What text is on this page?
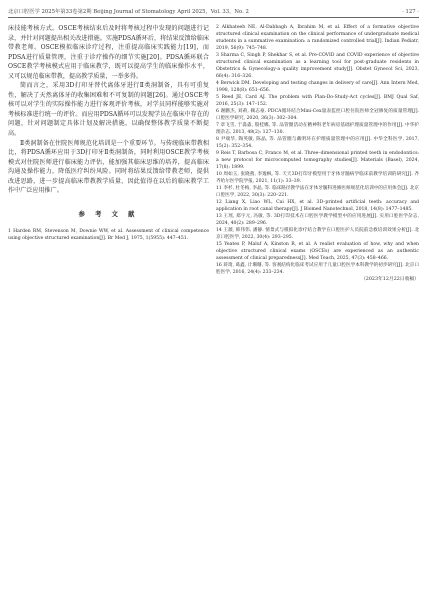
北京口腔医学 2025年第33卷第2期 Beijing Journal of Stomatology April 2025，Vol. 33，No. 2	· 127 ·

床技能考核方式。OSCE考核结束后及时将考核过程中发现的问题进行记录，并针对问题提出相关改进措施。实施PDSA循环后，将结果反馈给临床带教老师。OSCE模拟临床诊疗过程，注重提高临床实践能力[19]，而PDSA进行质量管理，注重于诊疗操作的细节实施[20]。PDSA循环联合OSCE教学考核模式应用于临床教学，既可以提高学生的临床操作水平，又可以规范临床带教，提高教学质量，一举多得。

简而言之，采用3D打印牙替代离体牙进行Ⅱ类洞制备，具有可重复性，解决了天然离体牙的收集困难和不可复制的问题[26]。通过OSCE考核可以对学生的实际操作能力进行客观评价考核，对学员同样能够实施对考核标准进行统一的评价。而应用PDSA循环可以发现学员在临床中存在的问题，针对问题制定具体计划及解决措施，以确保整体教学质量不断提高。

Ⅱ类洞制备在住院医师规范化培训是一个重要环节。与传统临床带教相比，将PDSA循环应用于3D打印牙Ⅱ类洞制备，同时利用OSCE教学考核模式对住院医师进行临床能力评估，能加强其临床思维的培养，提高临床沟通及操作能力，降低医疗纠纷风险。同时将结果反馈给带教老师，提供改进思路，进一步提高临床带教教学质量，因此值得在以后的临床教学工作中广泛应用推广。

参 考 文 献

1 Harden RM, Stevenson M, Downie WW, et al. Assessment of clinical competence using objective structured examination[J]. Br Med J, 1975, 1(5955): 447–451.

2 Alkhateeb NE, Al-Dabbagh A, Ibrahim M, et al. Effect of a formative objective structured clinical examination on the clinical performance of undergraduate medical students in a summative examination: a randomized controlled trial[J]. Indian Pediatr, 2019, 56(9): 745–748.

3 Sharma C, Singh P, Shekhar S, et al. Pre-COVID and COVID experience of objective structured clinical examination as a learning tool for post-graduate residents in Obstetrics & Gynecology-a quality improvement study[J]. Obstet Gynecol Sci, 2023, 66(4): 316–326.

4 Berwick DM. Developing and testing changes in delivery of care[J]. Ann Intern Med, 1998, 128(8): 651–656.

5 Reed JE, Card AJ. The problem with Plan-Do-Study-Act cycles[J]. BMJ Qual Saf, 2016, 25(3): 147–152.

6 谢鹏杰, 刘莉, 赖志豪. PDCA循环结合Mini-Cex量表监控口腔住院医师全冠修复的质量管理[J]. 口腔医学研究, 2020, 36(3): 302–304.

7 章飞雪, 于淼淼, 殷桂娜, 等. 品管圈活动在精神科老年病房基础护理质量管理中的作用[J]. 中华护理杂志, 2013, 48(2): 127–130.

8 尹端华, 陶英敏, 陈晶, 等. 品管圈与戴明环在护理质量管理中的应用[J]. 中华全科医学, 2017, 15(2): 352–354.

9 Reis T, Barbosa C, Franco M, et al. Three–dimensional printed teeth in endodontics: a new protocol for microcomputed tomography studies[J]. Materials (Basel), 2024, 17(8): 1899.

10 周如玉, 张晓燕, 李逸枫, 等. 天天3D打印牙模型用于牙体牙髓病学临床前教学培训的研究[J]. 齐齐哈尔医学院学报, 2021, 11(1): 33–39.

11 李杉, 杜冬梅, 李晶, 等. 临床路径教学法在牙体牙髓科进修医师规范化培训中的应用体会[J]. 北京口腔医学, 2022, 30(3): 220–221.

12 Liang X, Liao WL, Cai HX, et al. 3D–printed artificial teeth: accuracy and application in root canal therapy[J]. J Biomed Nanotechnol, 2018, 14(8): 1477–1485.

13 王瑶, 郑宇元, 冯敏, 等. 3D打印技术在口腔医学教学模型中的应用进展[J]. 实用口腔医学杂志, 2024, 40(2): 289–296.

14 王薇, 韩伟伟, 潘静. 情景式与模拟化诊疗结合教学在口腔医护人员院前急救培训效果分析[J]. 北京口腔医学, 2022, 30(4): 293–295.

15 Yeates P, Maluf A, Kinston R, et al. A realist evaluation of how, why and when objective structured clinical exams (OSCEs) are experienced as an authentic assessment of clinical preparedness[J]. Med Teach, 2025, 47(3): 458–466.

16 蒋琦, 葛鑫, 计珊珊, 等. 客观结构化临床考试应用于儿童口腔医学本科教学的初步研究[J]. 北京口腔医学, 2016, 24(4): 233–234.

（2023年12月22日收稿）
